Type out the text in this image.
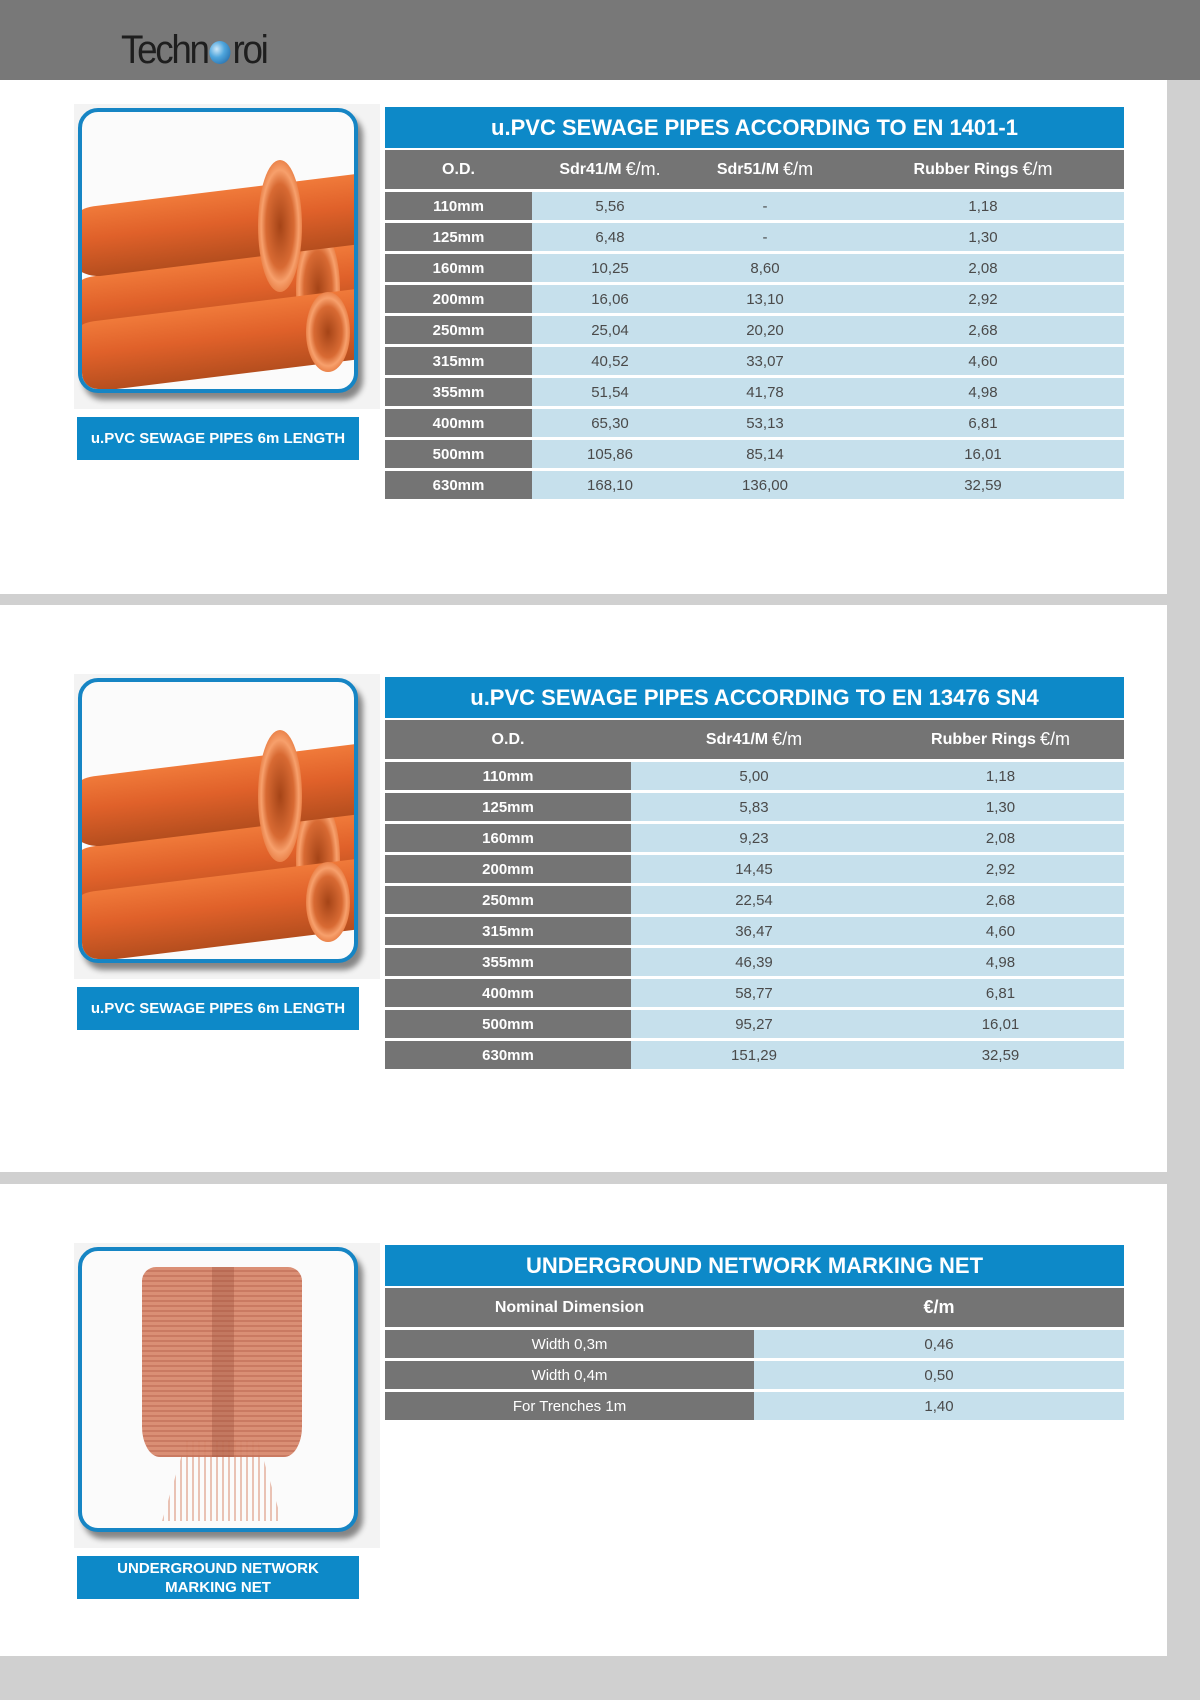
Techn roi
u.PVC SEWAGE PIPES 6m LENGTH
u.PVC SEWAGE PIPES ACCORDING TO EN 1401-1
O.D.	Sdr41/M €/m.	Sdr51/M €/m	Rubber Rings €/m
110mm	5,56	-	1,18
125mm	6,48	-	1,30
160mm	10,25	8,60	2,08
200mm	16,06	13,10	2,92
250mm	25,04	20,20	2,68
315mm	40,52	33,07	4,60
355mm	51,54	41,78	4,98
400mm	65,30	53,13	6,81
500mm	105,86	85,14	16,01
630mm	168,10	136,00	32,59
u.PVC SEWAGE PIPES 6m LENGTH
u.PVC SEWAGE PIPES ACCORDING TO EN 13476 SN4
O.D.	Sdr41/M €/m	Rubber Rings €/m
110mm	5,00	1,18
125mm	5,83	1,30
160mm	9,23	2,08
200mm	14,45	2,92
250mm	22,54	2,68
315mm	36,47	4,60
355mm	46,39	4,98
400mm	58,77	6,81
500mm	95,27	16,01
630mm	151,29	32,59
UNDERGROUND NETWORK MARKING NET
UNDERGROUND NETWORK MARKING NET
Nominal Dimension	€/m
Width 0,3m	0,46
Width 0,4m	0,50
For Trenches 1m	1,40
